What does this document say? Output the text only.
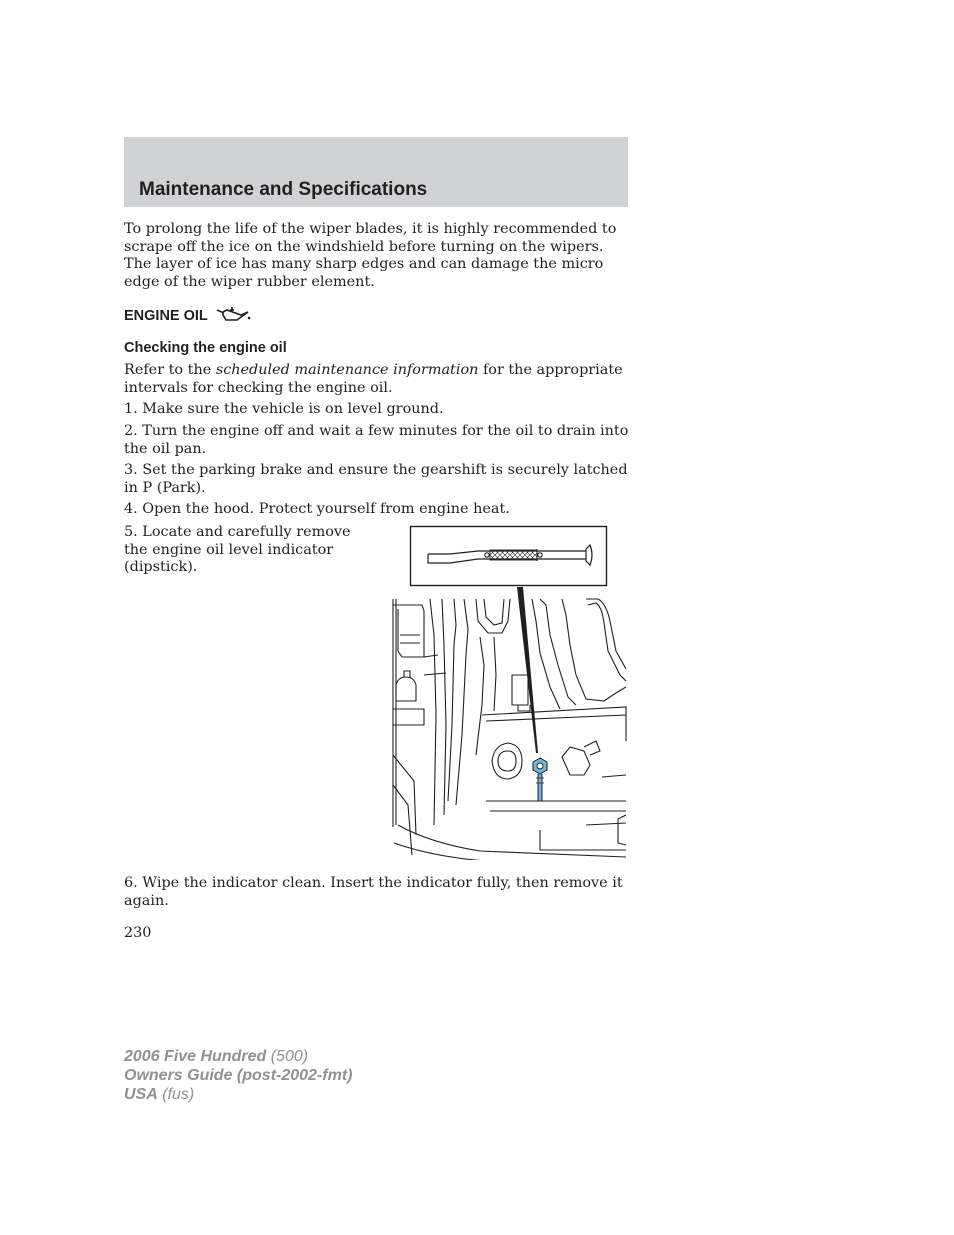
Maintenance and Specifications

To prolong the life of the wiper blades, it is highly recommended to scrape off the ice on the windshield before turning on the wipers. The layer of ice has many sharp edges and can damage the micro edge of the wiper rubber element.

ENGINE OIL
Checking the engine oil

Refer to the scheduled maintenance information for the appropriate intervals for checking the engine oil.

1. Make sure the vehicle is on level ground.

2. Turn the engine off and wait a few minutes for the oil to drain into the oil pan.

3. Set the parking brake and ensure the gearshift is securely latched in P (Park).

4. Open the hood. Protect yourself from engine heat.

5. Locate and carefully remove the engine oil level indicator (dipstick).

6. Wipe the indicator clean. Insert the indicator fully, then remove it again.

230
2006 Five Hundred (500)
Owners Guide (post-2002-fmt)
USA (fus)
